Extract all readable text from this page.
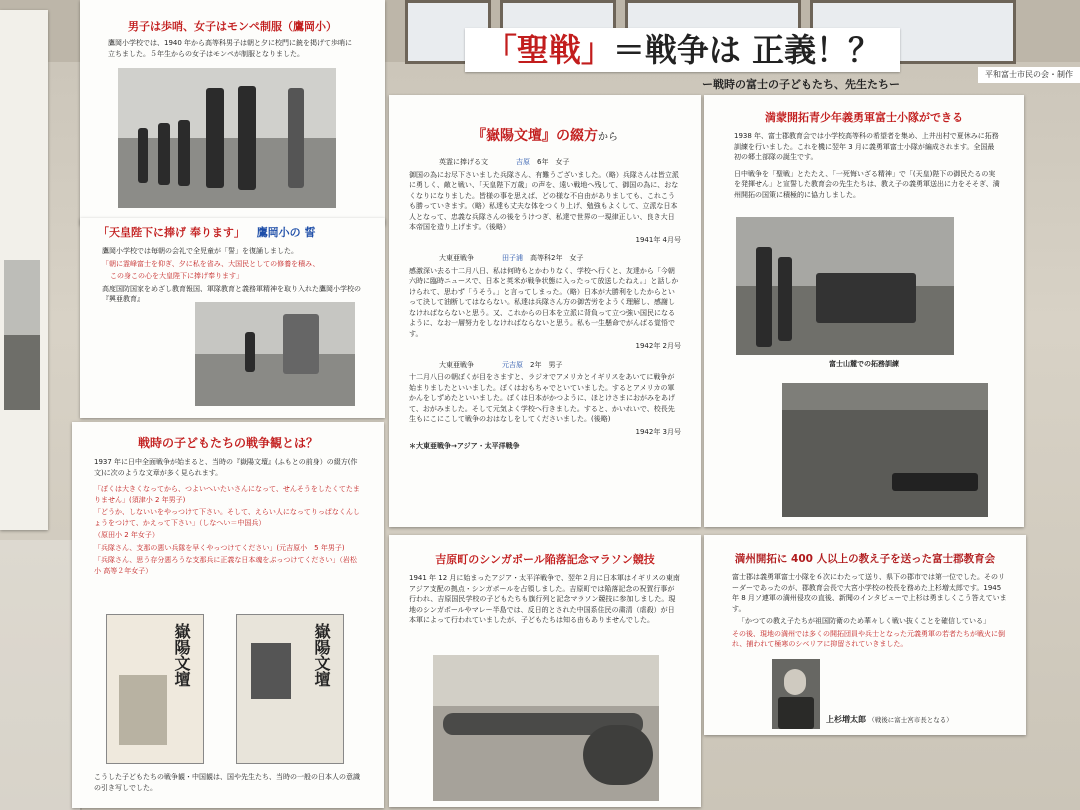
「聖戦」＝戦争は 正義！？
ー戦時の富士の子どもたち、先生たちー
平和富士市民の会・制作
男子は歩哨、女子はモンペ制服（鷹岡小）
鷹岡小学校では、1940 年から高等科男子は朝と夕に校門に銃を掲げて歩哨に立ちました。５年生からの女子はモンペが制服となりました。
「天皇陛下に捧げ 奉ります」 鷹岡小の 誓

鷹岡小学校では毎朝の会礼で全児童が「誓」を復誦しました。

「朝に霊峰富士を仰ぎ、夕に私を省み、大国民としての修養を積み、

この身この心を大皇陛下に捧げ奉ります」

高度国防国家をめざし教育報国、軍隊教育と義務軍精神を取り入れた鷹岡小学校の『興亜教育』

戦時の子どもたちの戦争観とは？

1937 年に日中全面戦争が始まると、当時の『嶽陽文壇』(ふもとの前身）の綴方(作文)に次のような文章が多く見られます。

「ぼくは大きくなってから、つよいへいたいさんになって、せんそうをしたくてたまりません」(須津小 2 年男子)

「どうか、しないいをやっつけて下さい。そして、えらい人になってりっぱなくんしょうをつけて、かえって下さい」（しなへい＝中国兵）

（原田小 2 年女子）

「兵隊さん、支那の悪い兵隊を早くやっつけてください」(元吉原小　5 年男子)

「兵隊さん、思う存分悪ろうな支那兵に正義な日本魂をぶっつけてください」（岩松小 高等２年女子）

嶽陽文壇	嶽陽文壇
こうした子どもたちの戦争観・中国観は、国や先生たち、当時の一般の日本人の意識の引き写しでした。
『嶽陽文壇』の綴方から

英霊に捧げる文　　　　	吉原　 6年　女子

御国の為にお尽下さいました兵隊さん、有難うございました。（略）兵隊さんは皆立派に勇しく、敵と戦い、「天皇陛下万歳」の声を、遠い戦地へ残して、御国の為に、おなくなりになりました。皆様の事を思えば、どの様な不自由がありましても、これこうも勝っていきます。（略）私達も丈夫な体をつくり上げ、勉強もよくして、立派な日本人となって、忠義な兵隊さんの後をうけつぎ、私達で世界の一現律正しい、良き大日本帝国を造り上げます。（後略）

1941年 4月号

大東亜戦争　　　　	田子浦　 高等科2年　女子

感激深い去る十二月八日、私は何時もとかわりなく、学校へ行くと、友達から「今朝六時に臨時ニュースで、日本と英米が戦争状態に入ったって放送したねえ。」と話しかけられて、思わず「うそう。」と言ってしまった。（略）日本が大勝利をしたからといって決して油断してはならない。私達は兵隊さん方の御苦労をようく理解し、感謝しなければならないと思う。又、これからの日本を立派に背負って立つ強い国民になるように、なお一層努力をしなければならないと思う。私も一生懸命でがんばる覚悟です。

1942年 2月号

大東亜戦争　　　　	元吉原　 2年　男子

十二月八日の朝ぼくが目をさますと、ラジオでアメリカとイギリスをあいてに戦争が始まりましたといいました。ぼくはおもちゃでといていました。するとアメリカの軍かんをしずめたといいました。ぼくは日本がかつように、ほとけさまにおがみをあげて、おがみました。そして元気よく学校へ行きました。すると、かいれいで、校長先生もにこにこして戦争のおはなしをしてくださいました。(後略)

1942年 3月号

＊大東亜戦争→アジア・太平洋戦争

吉原町のシンガポール陥落記念マラソン競技
1941 年 12 月に始まったアジア・太平洋戦争で、翌年２月に日本軍はイギリスの東南アジア支配の拠点・シンガポールを占領しました。吉原町では陥落記念の祝賀行事が行われ、吉原国民学校の子どもたちも旗行列と記念マラソン競技に参加しました。現地のシンガポールやマレー半島では、反日的とされた中国系住民の粛清（虐殺）が日本軍によって行われていましたが、子どもたちは知る由もありませんでした。
満蒙開拓青少年義勇軍富士小隊ができる

1938 年、富士郡教育会では小学校高等科の希望者を集め、上井出村で夏休みに拓務訓練を行いました。これを機に翌年 3 月に義勇軍富士小隊が編成されます。全国最初の郷土部隊の誕生です。

日中戦争を「聖戦」とたたえ、「一死悔いざる精神」で「(天皇)陛下の御民たるの実を発揮せん」と宣誓した教育会の先生たちは、教え子の義勇軍送出に力をそそぎ、満州開拓の国策に積極的に協力しました。

富士山麓での拓務訓練
満州開拓に 400 人以上の教え子を送った富士郡教育会

富士郡は義勇軍富士小隊を６次にわたって送り、県下の郡市では第一位でした。そのリーダーであったのが、郡教育会長で大宮小学校の校長を務めた上杉増太郎です。1945 年 8 月ソ連軍の満州侵攻の直後、新聞のインタビューで上杉は勇ましくこう答えています。

「かつての教え子たちが祖国防衛のため華々しく戦い抜くことを確信している」

その後、現地の満州では多くの開拓団員や兵士となった元義勇軍の若者たちが戦火に倒れ、捕われて極寒のシベリアに抑留されていきました。

上杉増太郎 （戦後に富士宮市長となる）
